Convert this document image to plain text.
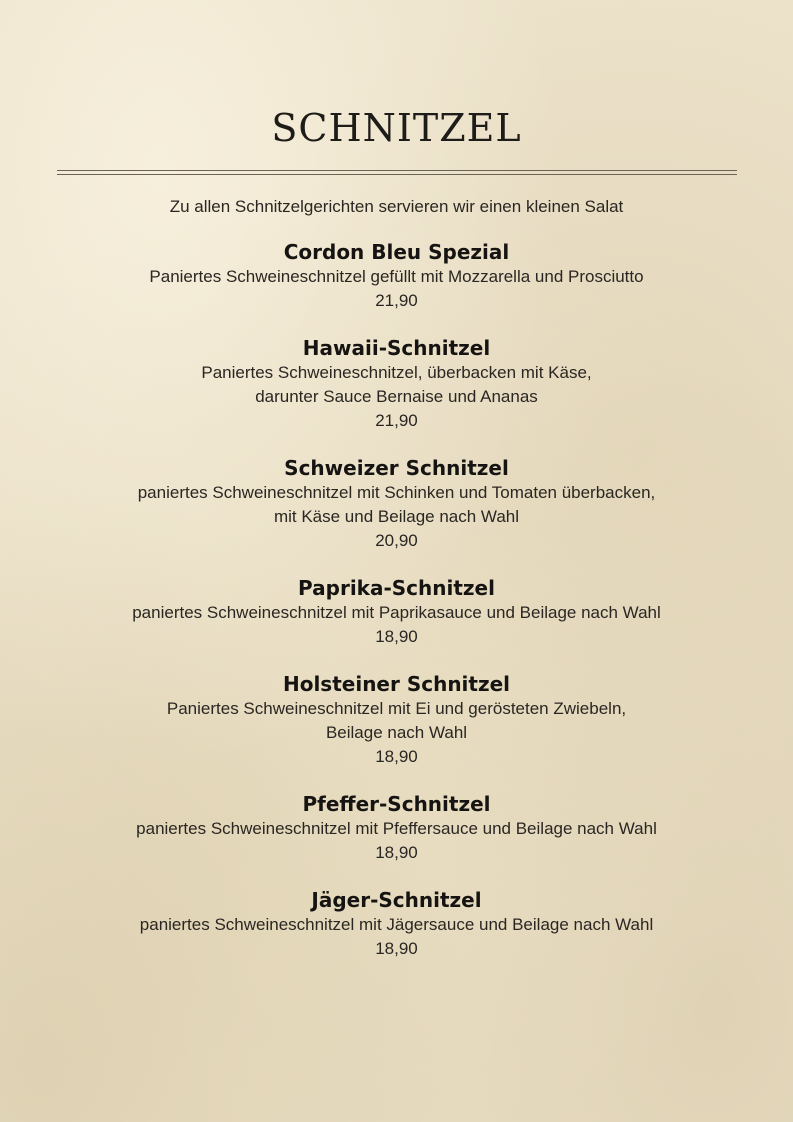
SCHNITZEL
Zu allen Schnitzelgerichten servieren wir einen kleinen Salat
Cordon Bleu Spezial
Paniertes Schweineschnitzel gefüllt mit Mozzarella und Prosciutto
21,90
Hawaii-Schnitzel
Paniertes Schweineschnitzel, überbacken mit Käse,
darunter Sauce Bernaise und Ananas
21,90
Schweizer Schnitzel
paniertes Schweineschnitzel mit Schinken und Tomaten überbacken,
mit Käse und Beilage nach Wahl
20,90
Paprika-Schnitzel
paniertes Schweineschnitzel mit Paprikasauce und Beilage nach Wahl
18,90
Holsteiner Schnitzel
Paniertes Schweineschnitzel mit Ei und gerösteten Zwiebeln,
Beilage nach Wahl
18,90
Pfeffer-Schnitzel
paniertes Schweineschnitzel mit Pfeffersauce und Beilage nach Wahl
18,90
Jäger-Schnitzel
paniertes Schweineschnitzel mit Jägersauce und Beilage nach Wahl
18,90
